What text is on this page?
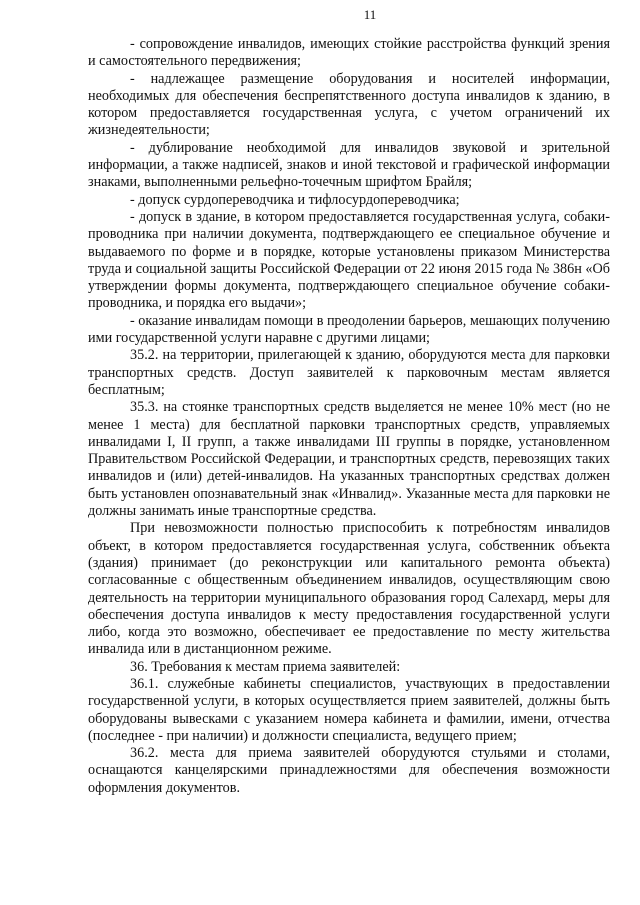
11

- сопровождение инвалидов, имеющих стойкие расстройства функций зрения и самостоятельного передвижения;

- надлежащее размещение оборудования и носителей информации, необходимых для обеспечения беспрепятственного доступа инвалидов к зданию, в котором предоставляется государственная услуга, с учетом ограничений их жизнедеятельности;

- дублирование необходимой для инвалидов звуковой и зрительной информации, а также надписей, знаков и иной текстовой и графической информации знаками, выполненными рельефно-точечным шрифтом Брайля;

- допуск сурдопереводчика и тифлосурдопереводчика;

- допуск в здание, в котором предоставляется государственная услуга, собаки-проводника при наличии документа, подтверждающего ее специальное обучение и выдаваемого по форме и в порядке, которые установлены приказом Министерства труда и социальной защиты Российской Федерации от 22 июня 2015 года № 386н «Об утверждении формы документа, подтверждающего специальное обучение собаки-проводника, и порядка его выдачи»;

- оказание инвалидам помощи в преодолении барьеров, мешающих получению ими государственной услуги наравне с другими лицами;

35.2. на территории, прилегающей к зданию, оборудуются места для парковки транспортных средств. Доступ заявителей к парковочным местам является бесплатным;

35.3. на стоянке транспортных средств выделяется не менее 10% мест (но не менее 1 места) для бесплатной парковки транспортных средств, управляемых инвалидами I, II групп, а также инвалидами III группы в порядке, установленном Правительством Российской Федерации, и транспортных средств, перевозящих таких инвалидов и (или) детей-инвалидов. На указанных транспортных средствах должен быть установлен опознавательный знак «Инвалид». Указанные места для парковки не должны занимать иные транспортные средства.

При невозможности полностью приспособить к потребностям инвалидов объект, в котором предоставляется государственная услуга, собственник объекта (здания) принимает (до реконструкции или капитального ремонта объекта) согласованные с общественным объединением инвалидов, осуществляющим свою деятельность на территории муниципального образования город Салехард, меры для обеспечения доступа инвалидов к месту предоставления государственной услуги либо, когда это возможно, обеспечивает ее предоставление по месту жительства инвалида или в дистанционном режиме.

36. Требования к местам приема заявителей:

36.1. служебные кабинеты специалистов, участвующих в предоставлении государственной услуги, в которых осуществляется прием заявителей, должны быть оборудованы вывесками с указанием номера кабинета и фамилии, имени, отчества (последнее - при наличии) и должности специалиста, ведущего прием;

36.2. места для приема заявителей оборудуются стульями и столами, оснащаются канцелярскими принадлежностями для обеспечения возможности оформления документов.
